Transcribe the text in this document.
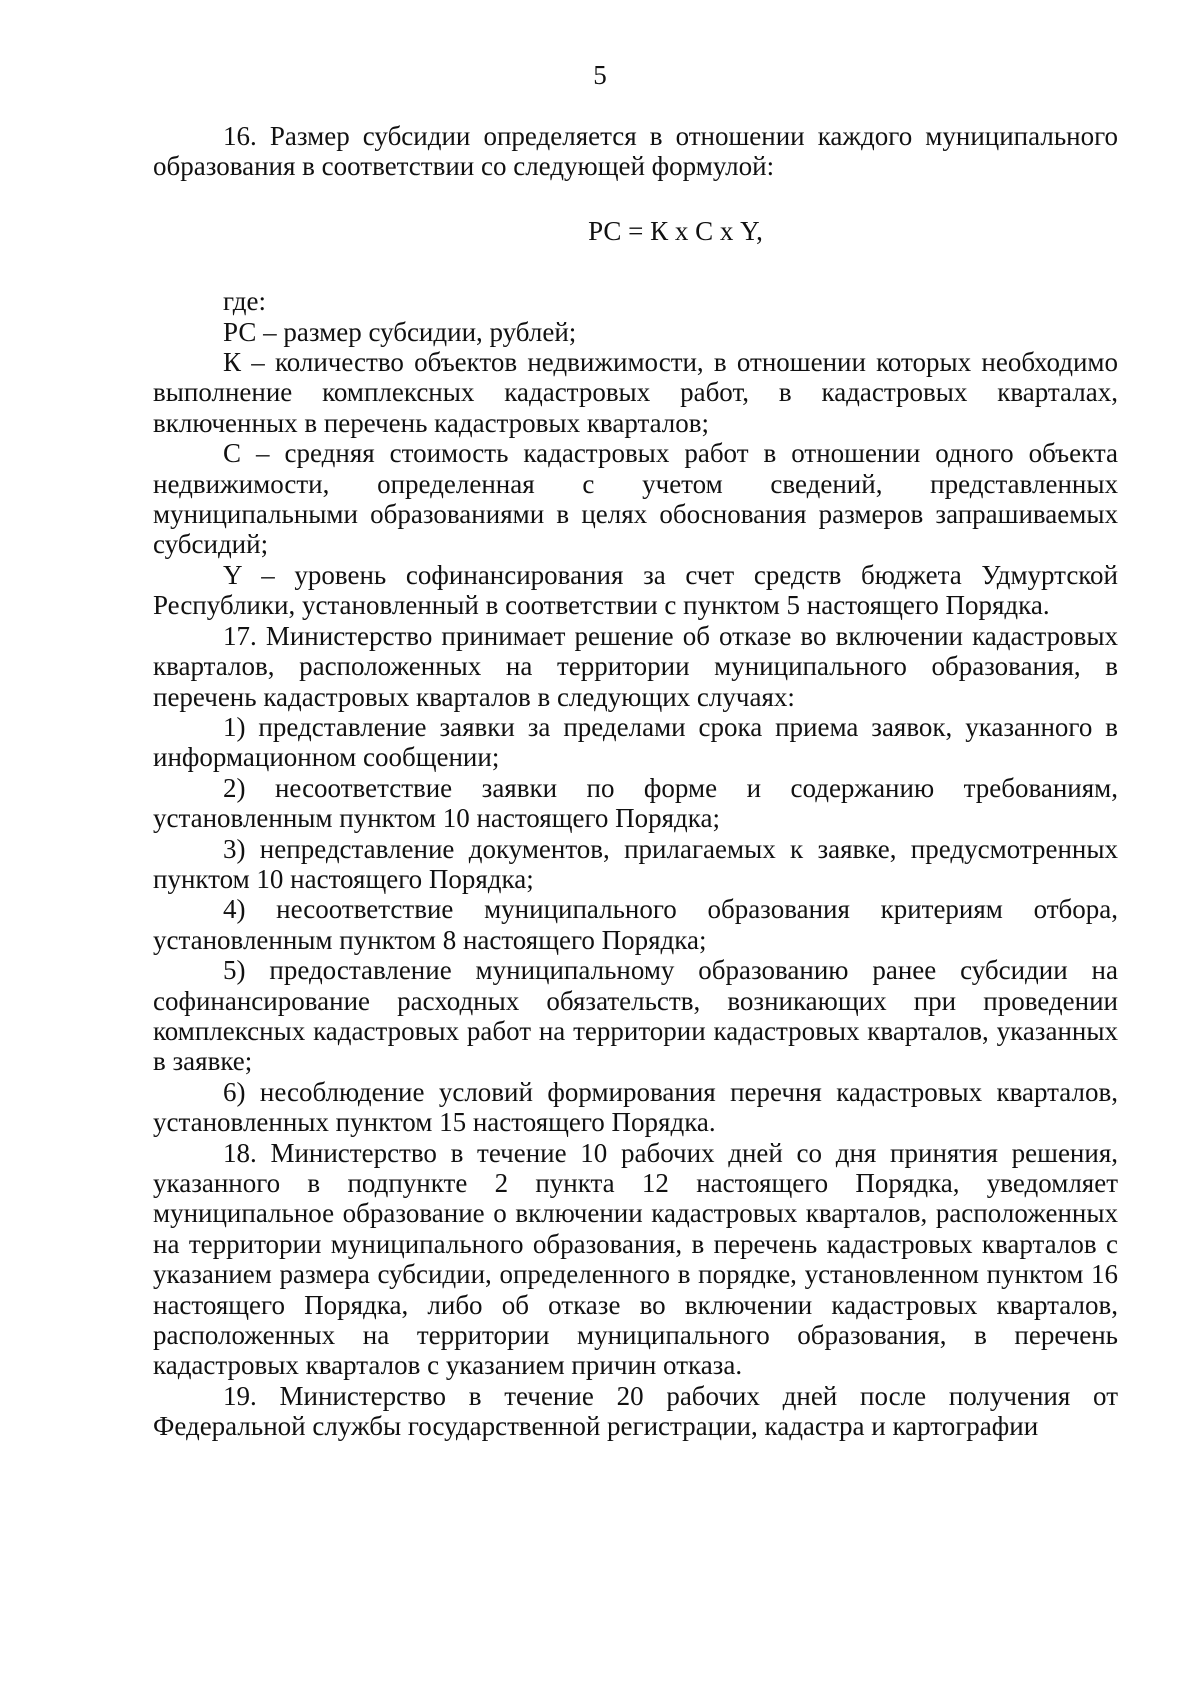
5

16. Размер субсидии определяется в отношении каждого муниципального образования в соответствии со следующей формулой:

РС = К х С х Y,

где:

РС – размер субсидии, рублей;

К – количество объектов недвижимости, в отношении которых необходимо выполнение комплексных кадастровых работ, в кадастровых кварталах, включенных в перечень кадастровых кварталов;

С – средняя стоимость кадастровых работ в отношении одного объекта недвижимости, определенная с учетом сведений, представленных муниципальными образованиями в целях обоснования размеров запрашиваемых субсидий;

Y – уровень софинансирования за счет средств бюджета Удмуртской Республики, установленный в соответствии с пунктом 5 настоящего Порядка.

17. Министерство принимает решение об отказе во включении кадастровых кварталов, расположенных на территории муниципального образования, в перечень кадастровых кварталов в следующих случаях:

1) представление заявки за пределами срока приема заявок, указанного в информационном сообщении;

2) несоответствие заявки по форме и содержанию требованиям, установленным пунктом 10 настоящего Порядка;

3) непредставление документов, прилагаемых к заявке, предусмотренных пунктом 10 настоящего Порядка;

4) несоответствие муниципального образования критериям отбора, установленным пунктом 8 настоящего Порядка;

5) предоставление муниципальному образованию ранее субсидии на софинансирование расходных обязательств, возникающих при проведении комплексных кадастровых работ на территории кадастровых кварталов, указанных в заявке;

6) несоблюдение условий формирования перечня кадастровых кварталов, установленных пунктом 15 настоящего Порядка.

18. Министерство в течение 10 рабочих дней со дня принятия решения, указанного в подпункте 2 пункта 12 настоящего Порядка, уведомляет муниципальное образование о включении кадастровых кварталов, расположенных на территории муниципального образования, в перечень кадастровых кварталов с указанием размера субсидии, определенного в порядке, установленном пунктом 16 настоящего Порядка, либо об отказе во включении кадастровых кварталов, расположенных на территории муниципального образования, в перечень кадастровых кварталов с указанием причин отказа.

19. Министерство в течение 20 рабочих дней после получения от Федеральной службы государственной регистрации, кадастра и картографии
